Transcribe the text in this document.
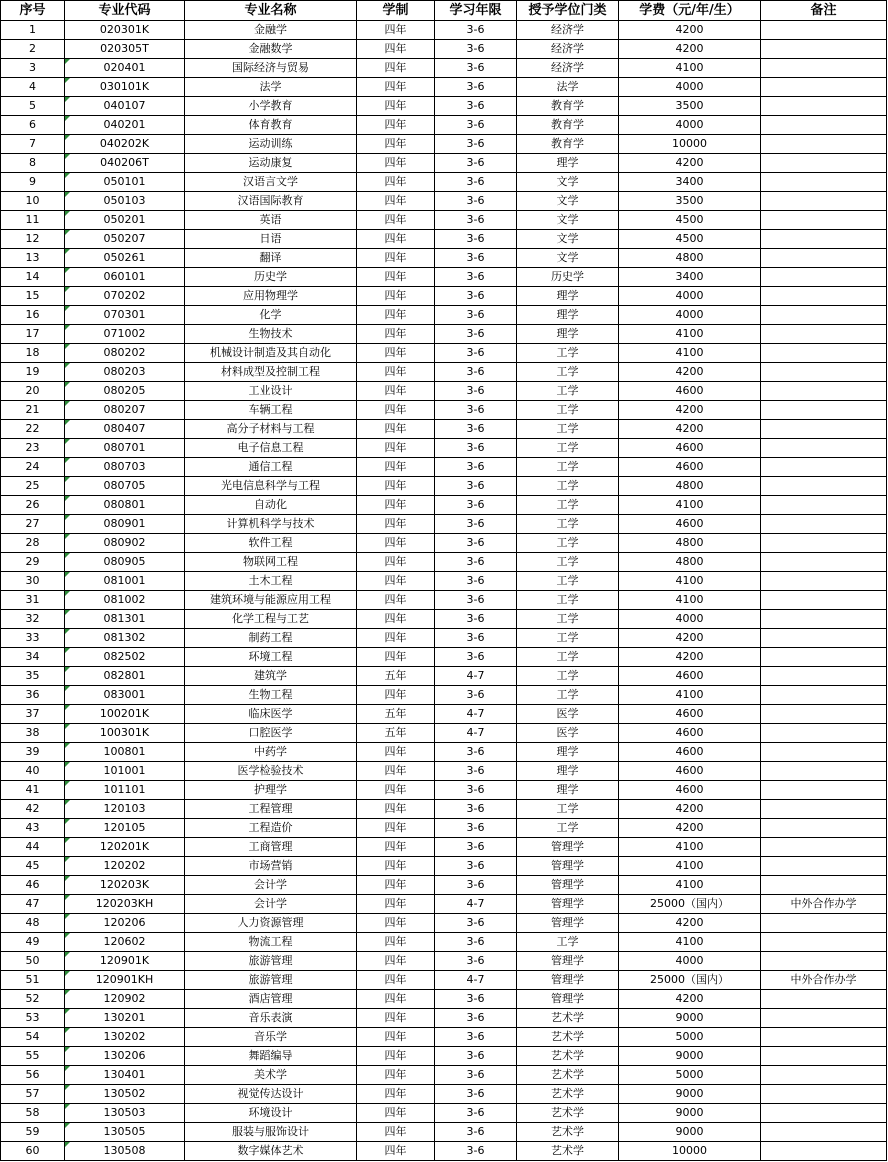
序号	专业代码	专业名称	学制	学习年限	授予学位门类	学费（元/年/生）	备注
1	020301K	金融学	四年	3-6	经济学	4200	
2	020305T	金融数学	四年	3-6	经济学	4200	
3	020401	国际经济与贸易	四年	3-6	经济学	4100	
4	030101K	法学	四年	3-6	法学	4000	
5	040107	小学教育	四年	3-6	教育学	3500	
6	040201	体育教育	四年	3-6	教育学	4000	
7	040202K	运动训练	四年	3-6	教育学	10000	
8	040206T	运动康复	四年	3-6	理学	4200	
9	050101	汉语言文学	四年	3-6	文学	3400	
10	050103	汉语国际教育	四年	3-6	文学	3500	
11	050201	英语	四年	3-6	文学	4500	
12	050207	日语	四年	3-6	文学	4500	
13	050261	翻译	四年	3-6	文学	4800	
14	060101	历史学	四年	3-6	历史学	3400	
15	070202	应用物理学	四年	3-6	理学	4000	
16	070301	化学	四年	3-6	理学	4000	
17	071002	生物技术	四年	3-6	理学	4100	
18	080202	机械设计制造及其自动化	四年	3-6	工学	4100	
19	080203	材料成型及控制工程	四年	3-6	工学	4200	
20	080205	工业设计	四年	3-6	工学	4600	
21	080207	车辆工程	四年	3-6	工学	4200	
22	080407	高分子材料与工程	四年	3-6	工学	4200	
23	080701	电子信息工程	四年	3-6	工学	4600	
24	080703	通信工程	四年	3-6	工学	4600	
25	080705	光电信息科学与工程	四年	3-6	工学	4800	
26	080801	自动化	四年	3-6	工学	4100	
27	080901	计算机科学与技术	四年	3-6	工学	4600	
28	080902	软件工程	四年	3-6	工学	4800	
29	080905	物联网工程	四年	3-6	工学	4800	
30	081001	土木工程	四年	3-6	工学	4100	
31	081002	建筑环境与能源应用工程	四年	3-6	工学	4100	
32	081301	化学工程与工艺	四年	3-6	工学	4000	
33	081302	制药工程	四年	3-6	工学	4200	
34	082502	环境工程	四年	3-6	工学	4200	
35	082801	建筑学	五年	4-7	工学	4600	
36	083001	生物工程	四年	3-6	工学	4100	
37	100201K	临床医学	五年	4-7	医学	4600	
38	100301K	口腔医学	五年	4-7	医学	4600	
39	100801	中药学	四年	3-6	理学	4600	
40	101001	医学检验技术	四年	3-6	理学	4600	
41	101101	护理学	四年	3-6	理学	4600	
42	120103	工程管理	四年	3-6	工学	4200	
43	120105	工程造价	四年	3-6	工学	4200	
44	120201K	工商管理	四年	3-6	管理学	4100	
45	120202	市场营销	四年	3-6	管理学	4100	
46	120203K	会计学	四年	3-6	管理学	4100	
47	120203KH	会计学	四年	4-7	管理学	25000（国内）	中外合作办学
48	120206	人力资源管理	四年	3-6	管理学	4200	
49	120602	物流工程	四年	3-6	工学	4100	
50	120901K	旅游管理	四年	3-6	管理学	4000	
51	120901KH	旅游管理	四年	4-7	管理学	25000（国内）	中外合作办学
52	120902	酒店管理	四年	3-6	管理学	4200	
53	130201	音乐表演	四年	3-6	艺术学	9000	
54	130202	音乐学	四年	3-6	艺术学	5000	
55	130206	舞蹈编导	四年	3-6	艺术学	9000	
56	130401	美术学	四年	3-6	艺术学	5000	
57	130502	视觉传达设计	四年	3-6	艺术学	9000	
58	130503	环境设计	四年	3-6	艺术学	9000	
59	130505	服装与服饰设计	四年	3-6	艺术学	9000	
60	130508	数字媒体艺术	四年	3-6	艺术学	10000	
